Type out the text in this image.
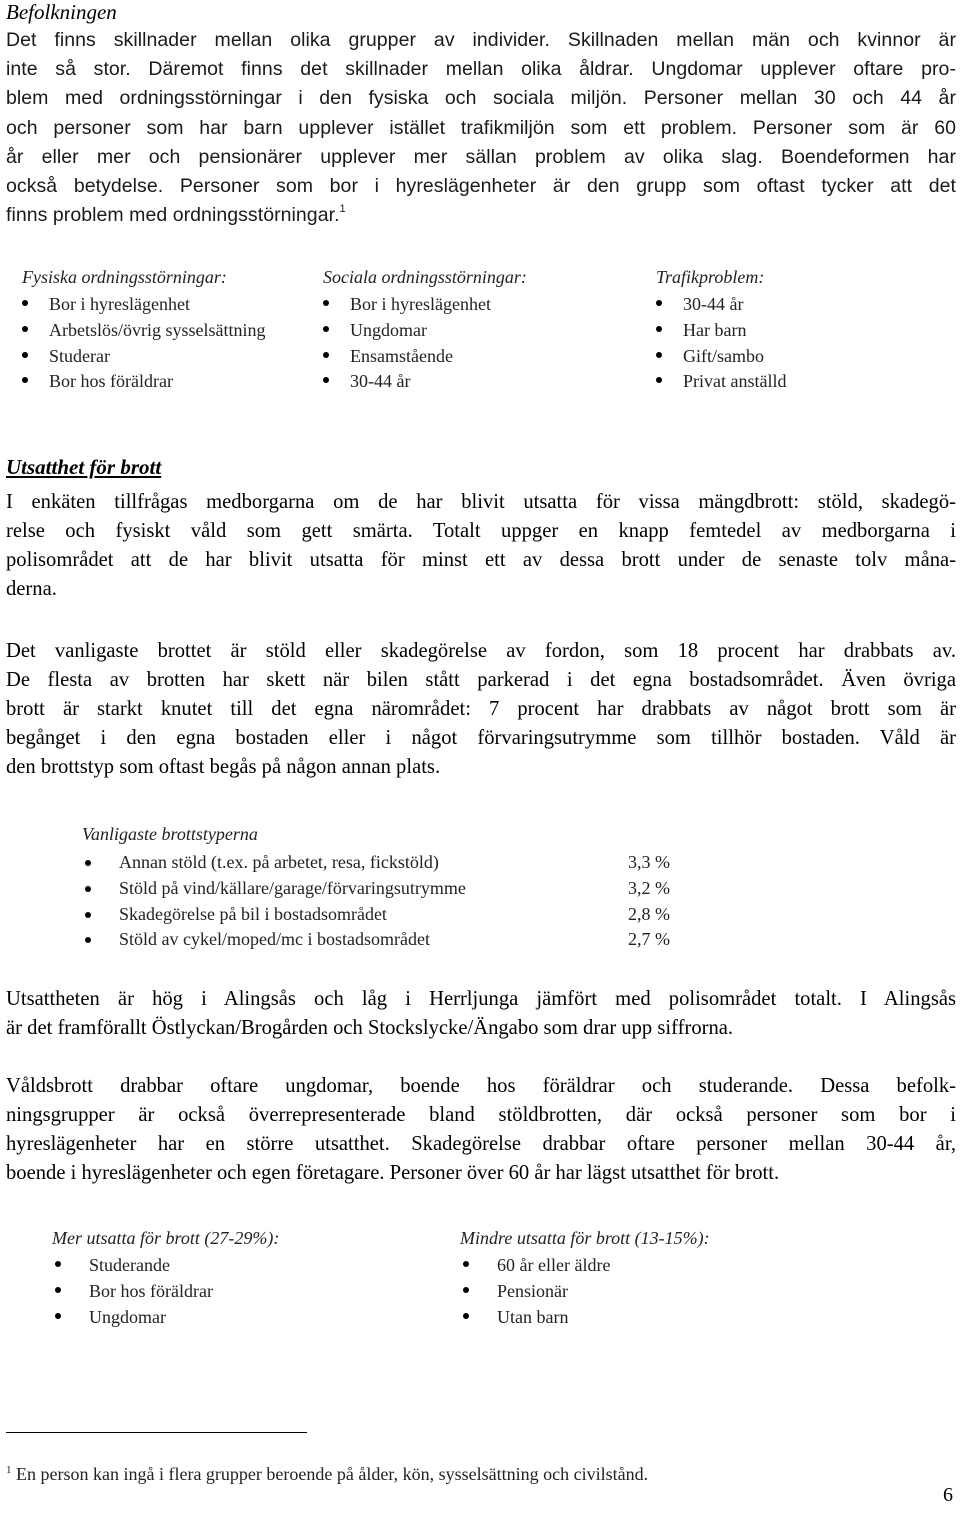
Befolkningen
Det finns skillnader mellan olika grupper av individer. Skillnaden mellan män och kvinnor är
inte så stor. Däremot finns det skillnader mellan olika åldrar. Ungdomar upplever oftare pro-
blem med ordningsstörningar i den fysiska och sociala miljön. Personer mellan 30 och 44 år
och personer som har barn upplever istället trafikmiljön som ett problem. Personer som är 60
år eller mer och pensionärer upplever mer sällan problem av olika slag. Boendeformen har
också betydelse. Personer som bor i hyreslägenheter är den grupp som oftast tycker att det
finns problem med ordningsstörningar.$^1$
Fysiska ordningsstörningar:
Bor i hyreslägenhet
Arbetslös/övrig sysselsättning
Studerar
Bor hos föräldrar
Sociala ordningsstörningar:
Bor i hyreslägenhet
Ungdomar
Ensamstående
30-44 år
Trafikproblem:
30-44 år
Har barn
Gift/sambo
Privat anställd
Utsatthet för brott
I enkäten tillfrågas medborgarna om de har blivit utsatta för vissa mängdbrott: stöld, skadegö-
relse och fysiskt våld som gett smärta. Totalt uppger en knapp femtedel av medborgarna i
polisområdet att de har blivit utsatta för minst ett av dessa brott under de senaste tolv måna-
derna.
Det vanligaste brottet är stöld eller skadegörelse av fordon, som 18 procent har drabbats av.
De flesta av brotten har skett när bilen stått parkerad i det egna bostadsområdet. Även övriga
brott är starkt knutet till det egna närområdet: 7 procent har drabbats av något brott som är
begånget i den egna bostaden eller i något förvaringsutrymme som tillhör bostaden. Våld är
den brottstyp som oftast begås på någon annan plats.
Vanligaste brottstyperna
Annan stöld (t.ex. på arbetet, resa, fickstöld)	3,3 %
Stöld på vind/källare/garage/förvaringsutrymme	3,2 %
Skadegörelse på bil i bostadsområdet	2,8 %
Stöld av cykel/moped/mc i bostadsområdet	2,7 %
Utsattheten är hög i Alingsås och låg i Herrljunga jämfört med polisområdet totalt. I Alingsås
är det framförallt Östlyckan/Brogården och Stockslycke/Ängabo som drar upp siffrorna.
Våldsbrott drabbar oftare ungdomar, boende hos föräldrar och studerande. Dessa befolk-
ningsgrupper är också överrepresenterade bland stöldbrotten, där också personer som bor i
hyreslägenheter har en större utsatthet. Skadegörelse drabbar oftare personer mellan 30-44 år,
boende i hyreslägenheter och egen företagare. Personer över 60 år har lägst utsatthet för brott.
Mer utsatta för brott (27-29%):
Studerande
Bor hos föräldrar
Ungdomar
Mindre utsatta för brott (13-15%):
60 år eller äldre
Pensionär
Utan barn
$^1$ En person kan ingå i flera grupper beroende på ålder, kön, sysselsättning och civilstånd.
6
